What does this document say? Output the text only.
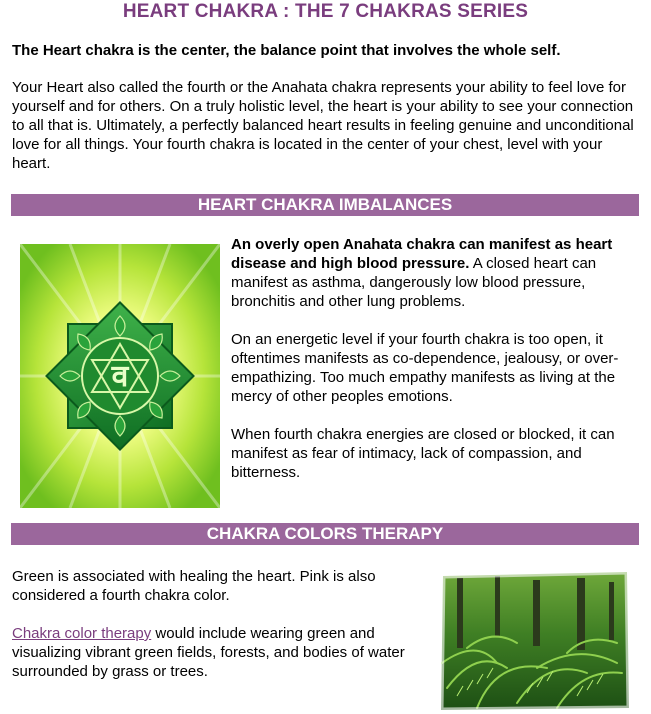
HEART CHAKRA : THE 7 CHAKRAS SERIES
The Heart chakra is the center, the balance point that involves the whole self.
Your Heart also called the fourth or the Anahata chakra represents your ability to feel love for yourself and for others. On a truly holistic level, the heart is your ability to see your connection to all that is. Ultimately, a perfectly balanced heart results in feeling genuine and unconditional love for all things. Your fourth chakra is located in the center of your chest, level with your heart.
HEART CHAKRA IMBALANCES
व

An overly open Anahata chakra can manifest as heart disease and high blood pressure. A closed heart can manifest as asthma, dangerously low blood pressure, bronchitis and other lung problems.

On an energetic level if your fourth chakra is too open, it oftentimes manifests as co-dependence, jealousy, or over-empathizing. Too much empathy manifests as living at the mercy of other peoples emotions.

When fourth chakra energies are closed or blocked, it can manifest as fear of intimacy, lack of compassion, and bitterness.

CHAKRA COLORS THERAPY

Green is associated with healing the heart. Pink is also considered a fourth chakra color.

Chakra color therapy would include wearing green and visualizing vibrant green fields, forests, and bodies of water surrounded by grass or trees.
